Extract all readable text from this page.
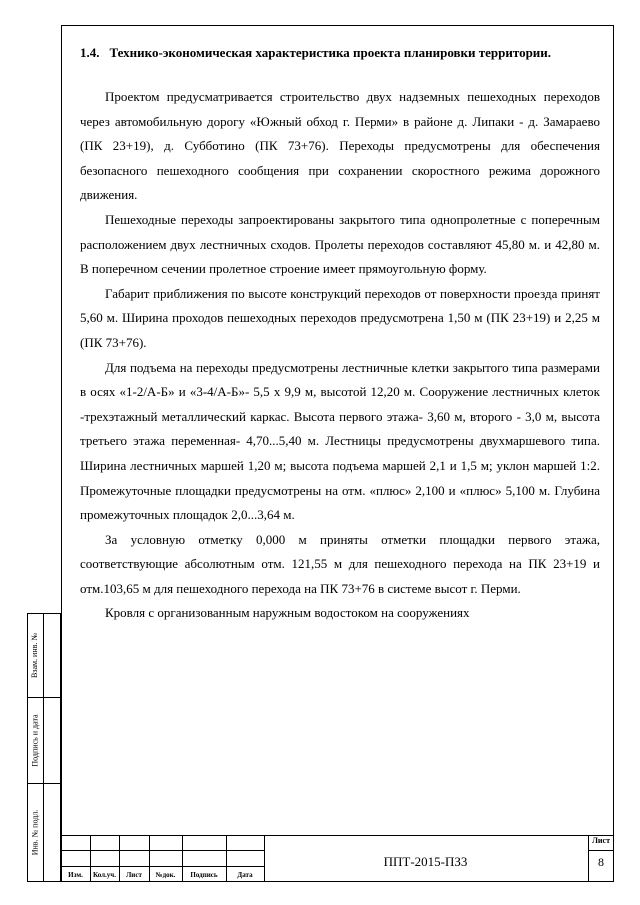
1.4. Технико-экономическая характеристика проекта планировки территории.

Проектом предусматривается строительство двух надземных пешеходных переходов через автомобильную дорогу «Южный обход г. Перми» в районе д. Липаки - д. Замараево (ПК 23+19), д. Субботино (ПК 73+76). Переходы предусмотрены для обеспечения безопасного пешеходного сообщения при сохранении скоростного режима дорожного движения.

Пешеходные переходы запроектированы закрытого типа однопролетные с поперечным расположением двух лестничных сходов. Пролеты переходов составляют 45,80 м. и 42,80 м. В поперечном сечении пролетное строение имеет прямоугольную форму.

Габарит приближения по высоте конструкций переходов от поверхности проезда принят 5,60 м. Ширина проходов пешеходных переходов предусмотрена 1,50 м (ПК 23+19) и 2,25 м (ПК 73+76).

Для подъема на переходы предусмотрены лестничные клетки закрытого типа размерами в осях «1-2/А-Б» и «3-4/А-Б»- 5,5 х 9,9 м, высотой 12,20 м. Сооружение лестничных клеток -трехэтажный металлический каркас. Высота первого этажа- 3,60 м, второго - 3,0 м, высота третьего этажа переменная- 4,70...5,40 м. Лестницы предусмотрены двухмаршевого типа. Ширина лестничных маршей 1,20 м; высота подъема маршей 2,1 и 1,5 м; уклон маршей 1:2. Промежуточные площадки предусмотрены на отм. «плюс» 2,100 и «плюс» 5,100 м. Глубина промежуточных площадок 2,0...3,64 м.

За условную отметку 0,000 м приняты отметки площадки первого этажа, соответствующие абсолютным отм. 121,55 м для пешеходного перехода на ПК 23+19 и отм.103,65 м для пешеходного перехода на ПК 73+76 в системе высот г. Перми.

Кровля с организованным наружным водостоком на сооружениях

Взам. инв. №
Подпись и дата
Инв. № подл.
Изм.	Кол.уч.	Лист	№док.	Подпись	Дата
ППТ-2015-ПЗ3
Лист
8
